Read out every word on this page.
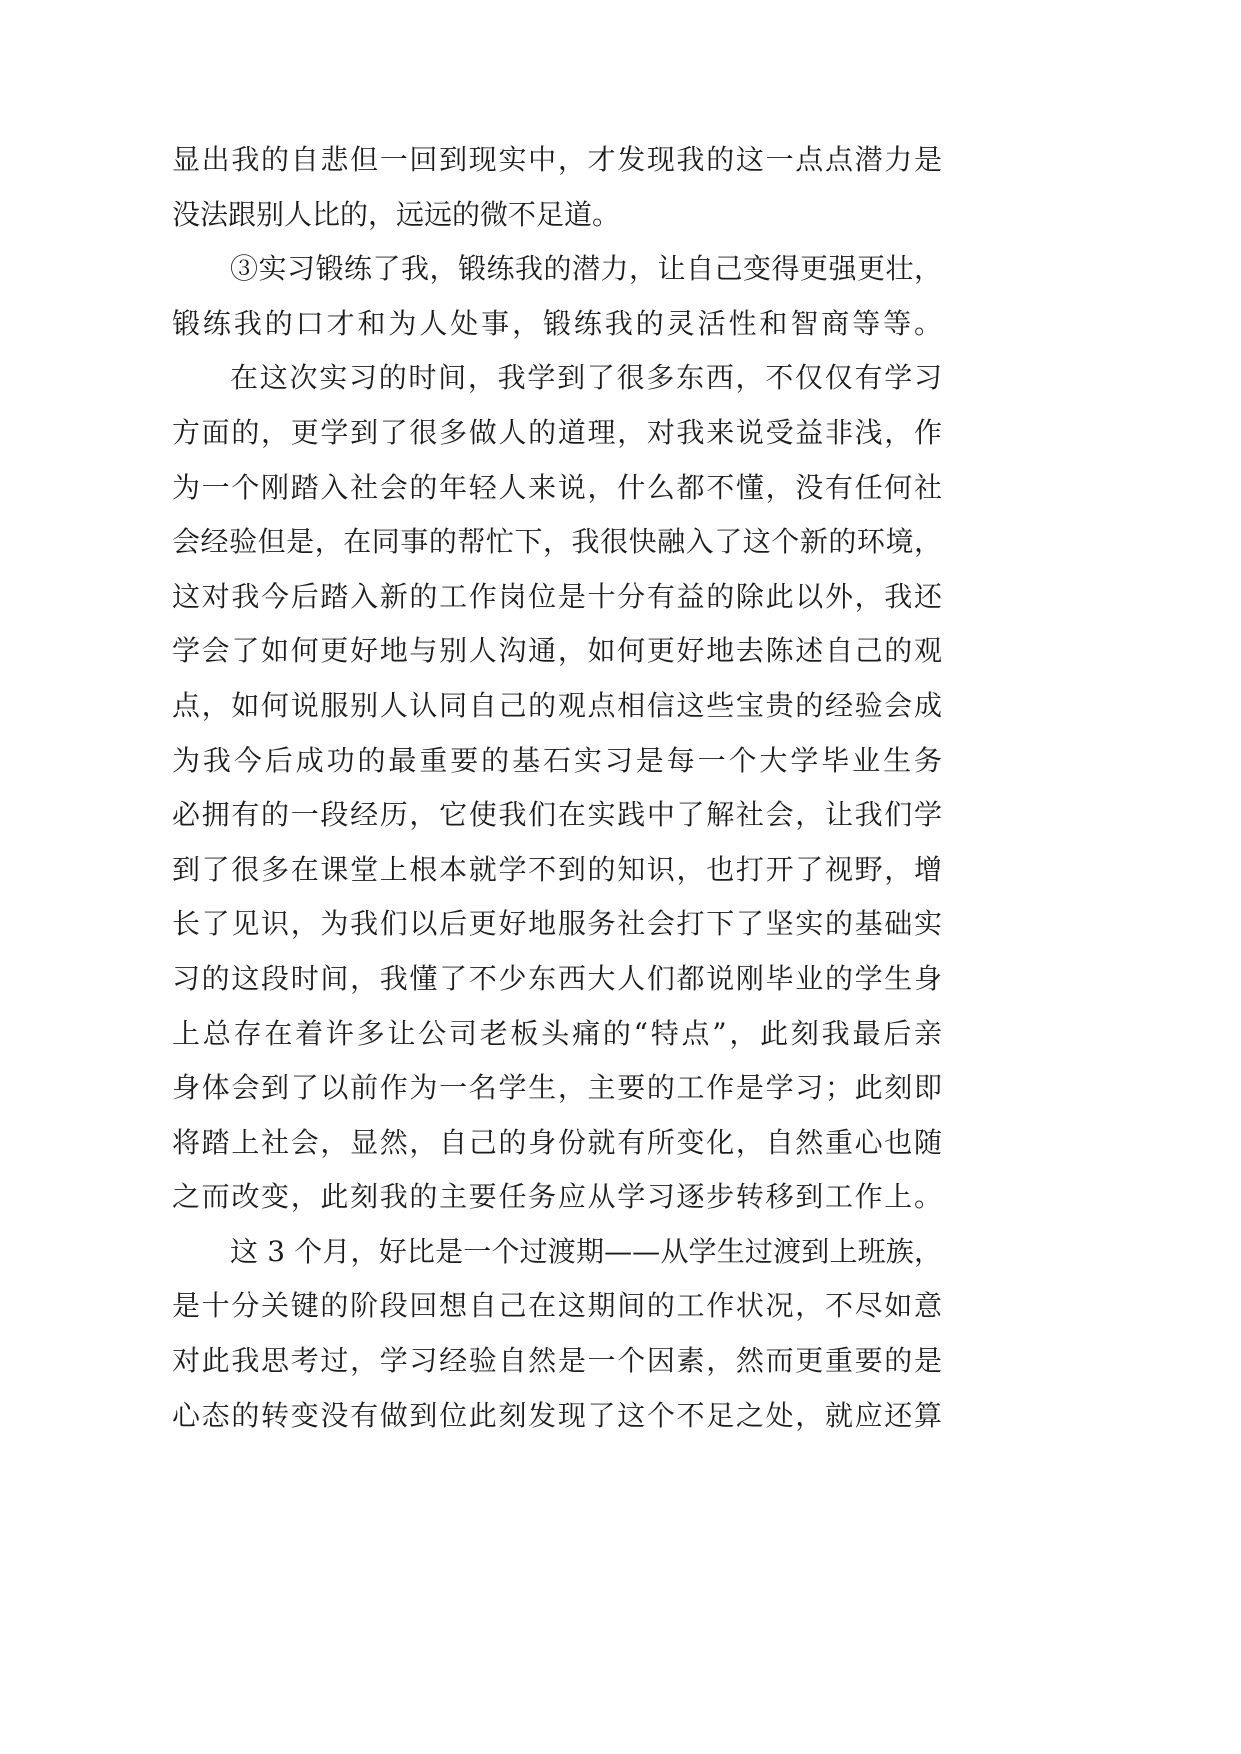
显出我的自悲但一回到现实中，才发现我的这一点点潜力是
没法跟别人比的，远远的微不足道。
③实习锻练了我，锻练我的潜力，让自己变得更强更壮，
锻练我的口才和为人处事，锻练我的灵活性和智商等等。
在这次实习的时间，我学到了很多东西，不仅仅有学习
方面的，更学到了很多做人的道理，对我来说受益非浅，作
为一个刚踏入社会的年轻人来说，什么都不懂，没有任何社
会经验但是，在同事的帮忙下，我很快融入了这个新的环境，
这对我今后踏入新的工作岗位是十分有益的除此以外，我还
学会了如何更好地与别人沟通，如何更好地去陈述自己的观
点，如何说服别人认同自己的观点相信这些宝贵的经验会成
为我今后成功的最重要的基石实习是每一个大学毕业生务
必拥有的一段经历，它使我们在实践中了解社会，让我们学
到了很多在课堂上根本就学不到的知识，也打开了视野，增
长了见识，为我们以后更好地服务社会打下了坚实的基础实
习的这段时间，我懂了不少东西大人们都说刚毕业的学生身
上总存在着许多让公司老板头痛的“特点”，此刻我最后亲
身体会到了以前作为一名学生，主要的工作是学习；此刻即
将踏上社会，显然，自己的身份就有所变化，自然重心也随
之而改变，此刻我的主要任务应从学习逐步转移到工作上。
这 3 个月，好比是一个过渡期——从学生过渡到上班族，
是十分关键的阶段回想自己在这期间的工作状况，不尽如意
对此我思考过，学习经验自然是一个因素，然而更重要的是
心态的转变没有做到位此刻发现了这个不足之处，就应还算
